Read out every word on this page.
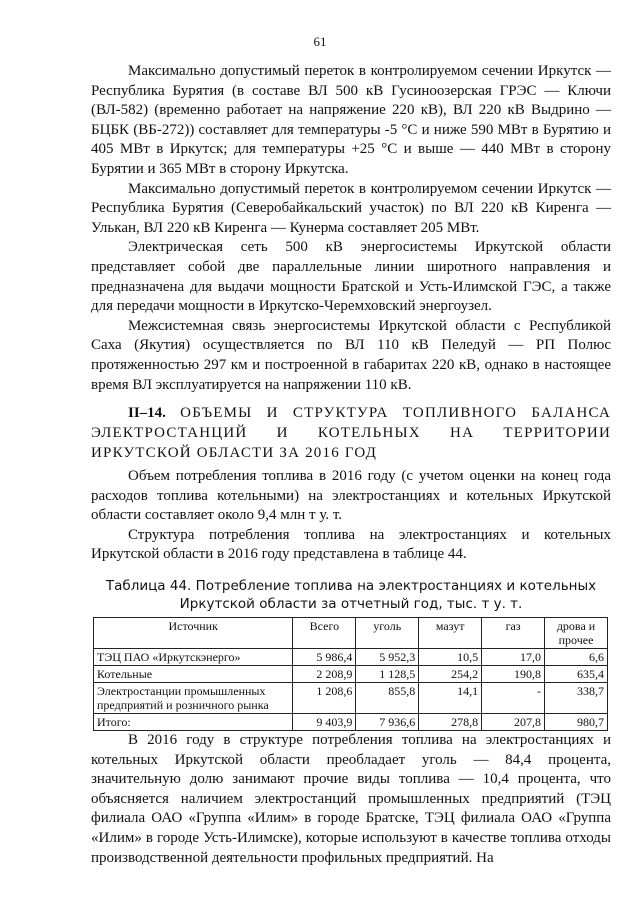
61

Максимально допустимый переток в контролируемом сечении Иркутск — Республика Бурятия (в составе ВЛ 500 кВ Гусиноозерская ГРЭС — Ключи (ВЛ-582) (временно работает на напряжение 220 кВ), ВЛ 220 кВ Выдрино — БЦБК (ВБ-272)) составляет для температуры -5 °С и ниже 590 МВт в Бурятию и 405 МВт в Иркутск; для температуры +25 °С и выше — 440 МВт в сторону Бурятии и 365 МВт в сторону Иркутска.

Максимально допустимый переток в контролируемом сечении Иркутск — Республика Бурятия (Северобайкальский участок) по ВЛ 220 кВ Киренга — Улькан, ВЛ 220 кВ Киренга — Кунерма составляет 205 МВт.

Электрическая сеть 500 кВ энергосистемы Иркутской области представляет собой две параллельные линии широтного направления и предназначена для выдачи мощности Братской и Усть-Илимской ГЭС, а также для передачи мощности в Иркутско-Черемховский энергоузел.

Межсистемная связь энергосистемы Иркутской области с Республикой Саха (Якутия) осуществляется по ВЛ 110 кВ Пеледуй — РП Полюс протяженностью 297 км и построенной в габаритах 220 кВ, однако в настоящее время ВЛ эксплуатируется на напряжении 110 кВ.

II–14. ОБЪЕМЫ И СТРУКТУРА ТОПЛИВНОГО БАЛАНСА ЭЛЕКТРОСТАНЦИЙ И КОТЕЛЬНЫХ НА ТЕРРИТОРИИ ИРКУТСКОЙ ОБЛАСТИ ЗА 2016 ГОД

Объем потребления топлива в 2016 году (с учетом оценки на конец года расходов топлива котельными) на электростанциях и котельных Иркутской области составляет около 9,4 млн т у. т.

Структура потребления топлива на электростанциях и котельных Иркутской области в 2016 году представлена в таблице 44.

Таблица 44. Потребление топлива на электростанциях и котельных
Иркутской области за отчетный год, тыс. т у. т.
Источник	Всего	уголь	мазут	газ	дрова и прочее
ТЭЦ ПАО «Иркутскэнерго»	5 986,4	5 952,3	10,5	17,0	6,6
Котельные	2 208,9	1 128,5	254,2	190,8	635,4
Электростанции промышленных предприятий и розничного рынка	1 208,6	855,8	14,1	-	338,7
Итого:	9 403,9	7 936,6	278,8	207,8	980,7

В 2016 году в структуре потребления топлива на электростанциях и котельных Иркутской области преобладает уголь — 84,4 процента, значительную долю занимают прочие виды топлива — 10,4 процента, что объясняется наличием электростанций промышленных предприятий (ТЭЦ филиала ОАО «Группа «Илим» в городе Братске, ТЭЦ филиала ОАО «Группа «Илим» в городе Усть-Илимске), которые используют в качестве топлива отходы производственной деятельности профильных предприятий. На
